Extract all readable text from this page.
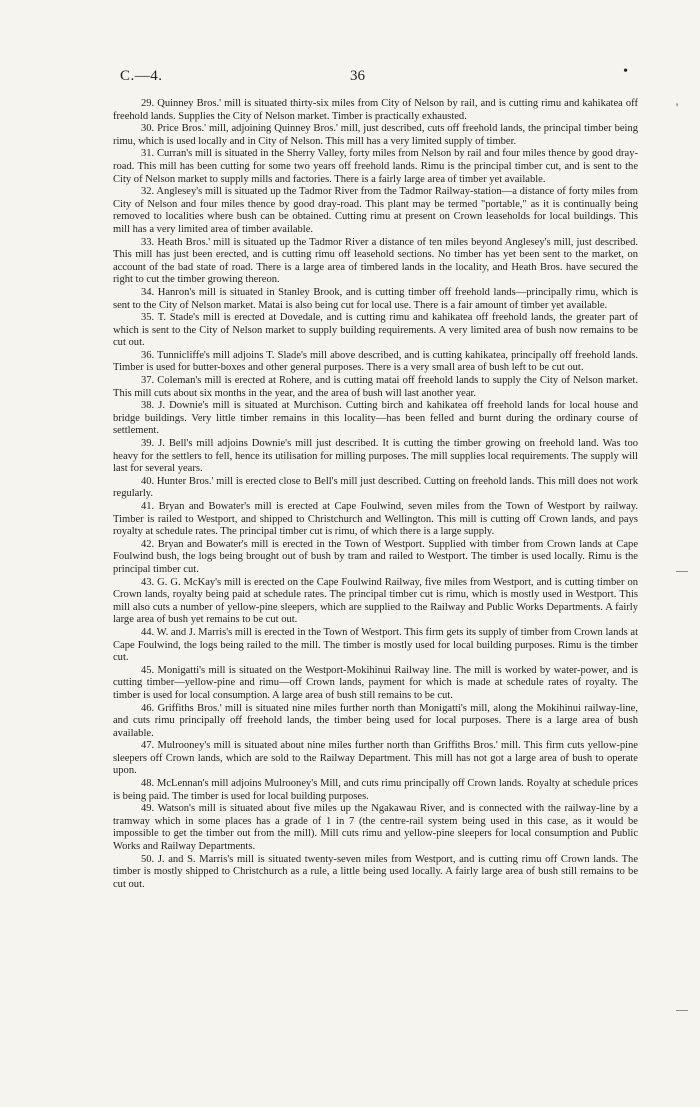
C.—4.	36	•
'
—
—

29. Quinney Bros.' mill is situated thirty-six miles from City of Nelson by rail, and is cutting rimu and kahikatea off freehold lands. Supplies the City of Nelson market. Timber is practically exhausted.

30. Price Bros.' mill, adjoining Quinney Bros.' mill, just described, cuts off freehold lands, the principal timber being rimu, which is used locally and in City of Nelson. This mill has a very limited supply of timber.

31. Curran's mill is situated in the Sherry Valley, forty miles from Nelson by rail and four miles thence by good dray-road. This mill has been cutting for some two years off freehold lands. Rimu is the principal timber cut, and is sent to the City of Nelson market to supply mills and factories. There is a fairly large area of timber yet available.

32. Anglesey's mill is situated up the Tadmor River from the Tadmor Railway-station—a distance of forty miles from City of Nelson and four miles thence by good dray-road. This plant may be termed "portable," as it is continually being removed to localities where bush can be obtained. Cutting rimu at present on Crown leaseholds for local buildings. This mill has a very limited area of timber available.

33. Heath Bros.' mill is situated up the Tadmor River a distance of ten miles beyond Anglesey's mill, just described. This mill has just been erected, and is cutting rimu off leasehold sections. No timber has yet been sent to the market, on account of the bad state of road. There is a large area of timbered lands in the locality, and Heath Bros. have secured the right to cut the timber growing thereon.

34. Hanron's mill is situated in Stanley Brook, and is cutting timber off freehold lands—principally rimu, which is sent to the City of Nelson market. Matai is also being cut for local use. There is a fair amount of timber yet available.

35. T. Stade's mill is erected at Dovedale, and is cutting rimu and kahikatea off freehold lands, the greater part of which is sent to the City of Nelson market to supply building requirements. A very limited area of bush now remains to be cut out.

36. Tunnicliffe's mill adjoins T. Slade's mill above described, and is cutting kahikatea, principally off freehold lands. Timber is used for butter-boxes and other general purposes. There is a very small area of bush left to be cut out.

37. Coleman's mill is erected at Rohere, and is cutting matai off freehold lands to supply the City of Nelson market. This mill cuts about six months in the year, and the area of bush will last another year.

38. J. Downie's mill is situated at Murchison. Cutting birch and kahikatea off freehold lands for local house and bridge buildings. Very little timber remains in this locality—has been felled and burnt during the ordinary course of settlement.

39. J. Bell's mill adjoins Downie's mill just described. It is cutting the timber growing on freehold land. Was too heavy for the settlers to fell, hence its utilisation for milling purposes. The mill supplies local requirements. The supply will last for several years.

40. Hunter Bros.' mill is erected close to Bell's mill just described. Cutting on freehold lands. This mill does not work regularly.

41. Bryan and Bowater's mill is erected at Cape Foulwind, seven miles from the Town of Westport by railway. Timber is railed to Westport, and shipped to Christchurch and Wellington. This mill is cutting off Crown lands, and pays royalty at schedule rates. The principal timber cut is rimu, of which there is a large supply.

42. Bryan and Bowater's mill is erected in the Town of Westport. Supplied with timber from Crown lands at Cape Foulwind bush, the logs being brought out of bush by tram and railed to Westport. The timber is used locally. Rimu is the principal timber cut.

43. G. G. McKay's mill is erected on the Cape Foulwind Railway, five miles from Westport, and is cutting timber on Crown lands, royalty being paid at schedule rates. The principal timber cut is rimu, which is mostly used in Westport. This mill also cuts a number of yellow-pine sleepers, which are supplied to the Railway and Public Works Departments. A fairly large area of bush yet remains to be cut out.

44. W. and J. Marris's mill is erected in the Town of Westport. This firm gets its supply of timber from Crown lands at Cape Foulwind, the logs being railed to the mill. The timber is mostly used for local building purposes. Rimu is the timber cut.

45. Monigatti's mill is situated on the Westport-Mokihinui Railway line. The mill is worked by water-power, and is cutting timber—yellow-pine and rimu—off Crown lands, payment for which is made at schedule rates of royalty. The timber is used for local consumption. A large area of bush still remains to be cut.

46. Griffiths Bros.' mill is situated nine miles further north than Monigatti's mill, along the Mokihinui railway-line, and cuts rimu principally off freehold lands, the timber being used for local purposes. There is a large area of bush available.

47. Mulrooney's mill is situated about nine miles further north than Griffiths Bros.' mill. This firm cuts yellow-pine sleepers off Crown lands, which are sold to the Railway Department. This mill has not got a large area of bush to operate upon.

48. McLennan's mill adjoins Mulrooney's Mill, and cuts rimu principally off Crown lands. Royalty at schedule prices is being paid. The timber is used for local building purposes.

49. Watson's mill is situated about five miles up the Ngakawau River, and is connected with the railway-line by a tramway which in some places has a grade of 1 in 7 (the centre-rail system being used in this case, as it would be impossible to get the timber out from the mill). Mill cuts rimu and yellow-pine sleepers for local consumption and Public Works and Railway Departments.

50. J. and S. Marris's mill is situated twenty-seven miles from Westport, and is cutting rimu off Crown lands. The timber is mostly shipped to Christchurch as a rule, a little being used locally. A fairly large area of bush still remains to be cut out.
